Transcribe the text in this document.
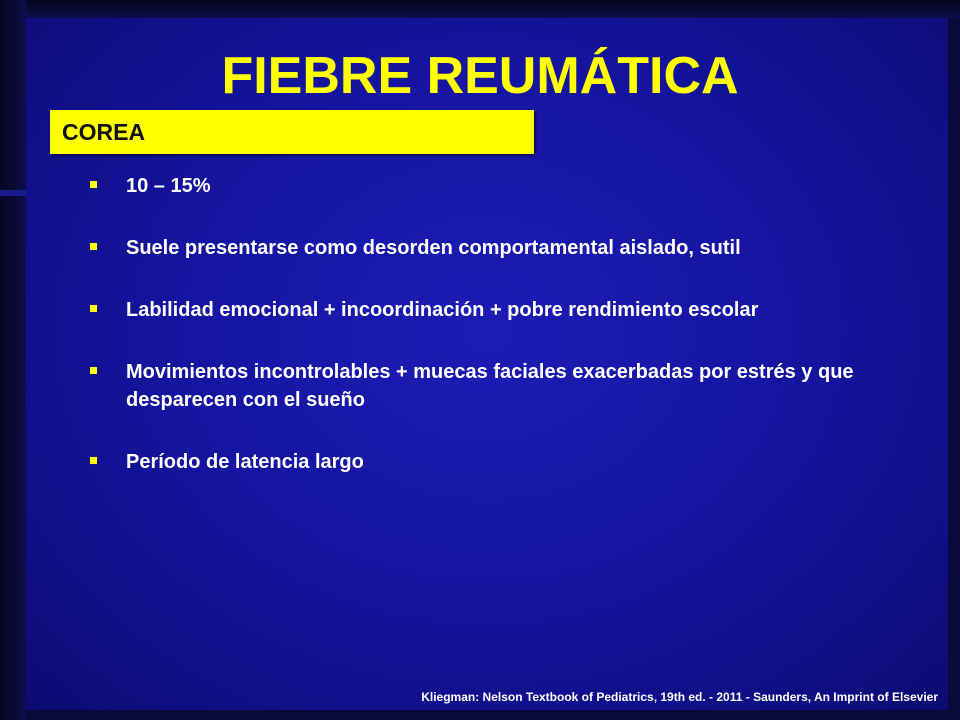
FIEBRE REUMÁTICA
COREA
10 – 15%
Suele presentarse como desorden comportamental aislado, sutil
Labilidad emocional + incoordinación + pobre rendimiento escolar
Movimientos incontrolables + muecas faciales exacerbadas por estrés y que desparecen con el sueño
Período de latencia largo
Kliegman: Nelson Textbook of Pediatrics, 19th ed. - 2011 - Saunders, An Imprint of Elsevier
